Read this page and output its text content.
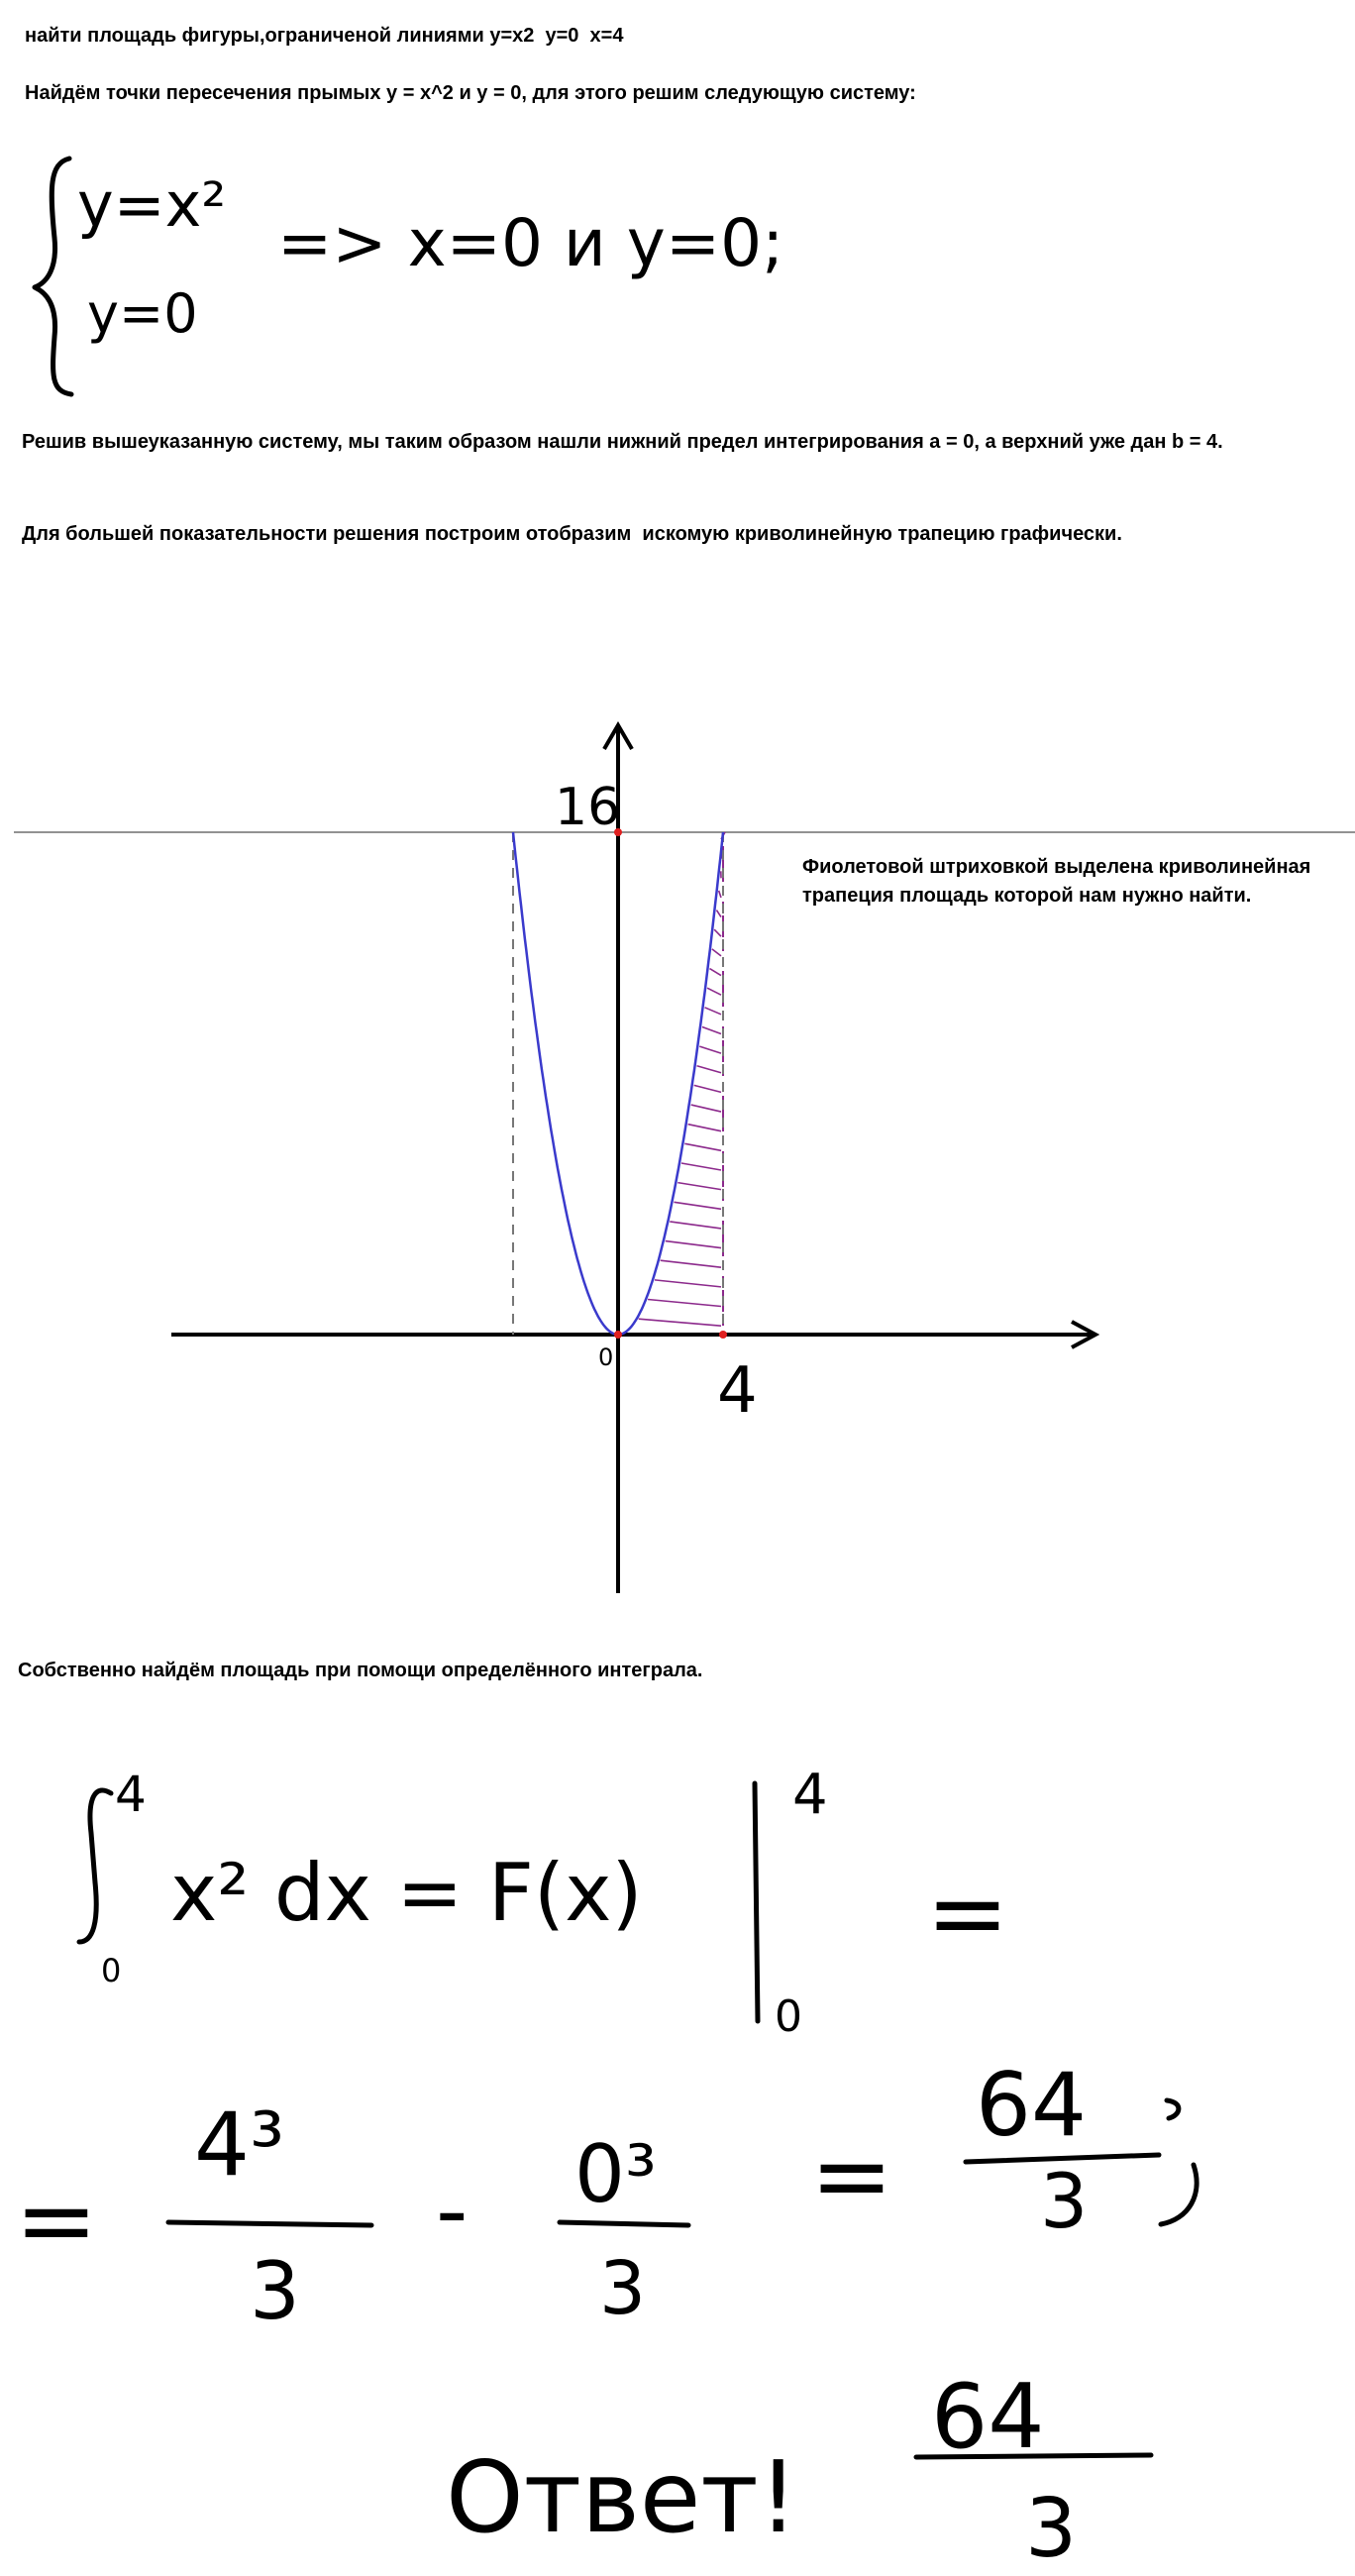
найти площадь фигуры,ограниченой линиями y=x2  y=0  x=4
Найдём точки пересечения прымых y = x^2 и y = 0, для этого решим следующую систему:
Решив вышеуказанную систему, мы таким образом нашли нижний предел интегрирования a = 0, а верхний уже дан b = 4.
Для большей показательности решения построим отобразим  искомую криволинейную трапецию графически.
Фиолетовой штриховкой выделена криволинейная трапеция площадь которой нам нужно найти.
Собственно найдём площадь при помощи определённого интеграла.
y=x²
y=0
=> x=0 и y=0;
16
0 4
4
0
x² dx = F(x)
4
0
=
=
4³
3
- 0³
3
=
64
3
Ответ!
64
3
